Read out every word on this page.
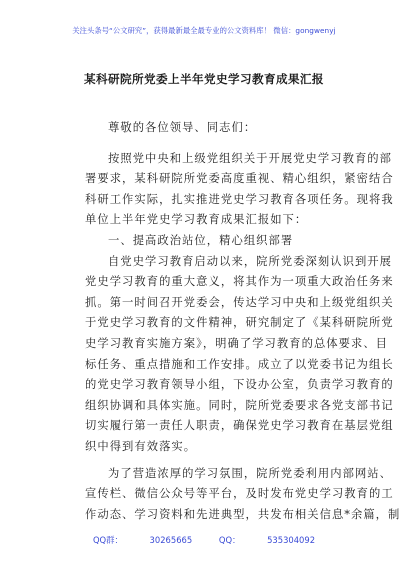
关注头条号“公文研究”，获得最新最全最专业的公文资料库！ 微信：gongwenyj
某科研院所党委上半年党史学习教育成果汇报
尊敬的各位领导、同志们：
按照党中央和上级党组织关于开展党史学习教育的部
署要求，某科研院所党委高度重视、精心组织，紧密结合
科研工作实际，扎实推进党史学习教育各项任务。现将我
单位上半年党史学习教育成果汇报如下：
一、提高政治站位，精心组织部署
自党史学习教育启动以来，院所党委深刻认识到开展
党史学习教育的重大意义，将其作为一项重大政治任务来
抓。第一时间召开党委会，传达学习中央和上级党组织关
于党史学习教育的文件精神，研究制定了《某科研院所党
史学习教育实施方案》，明确了学习教育的总体要求、目
标任务、重点措施和工作安排。成立了以党委书记为组长
的党史学习教育领导小组，下设办公室，负责学习教育的
组织协调和具体实施。同时，院所党委要求各党支部书记
切实履行第一责任人职责，确保党史学习教育在基层党组
织中得到有效落实。
为了营造浓厚的学习氛围，院所党委利用内部网站、
宣传栏、微信公众号等平台，及时发布党史学习教育的工
作动态、学习资料和先进典型，共发布相关信息*余篇，制
QQ群： 30265665	QQ： 535304092
